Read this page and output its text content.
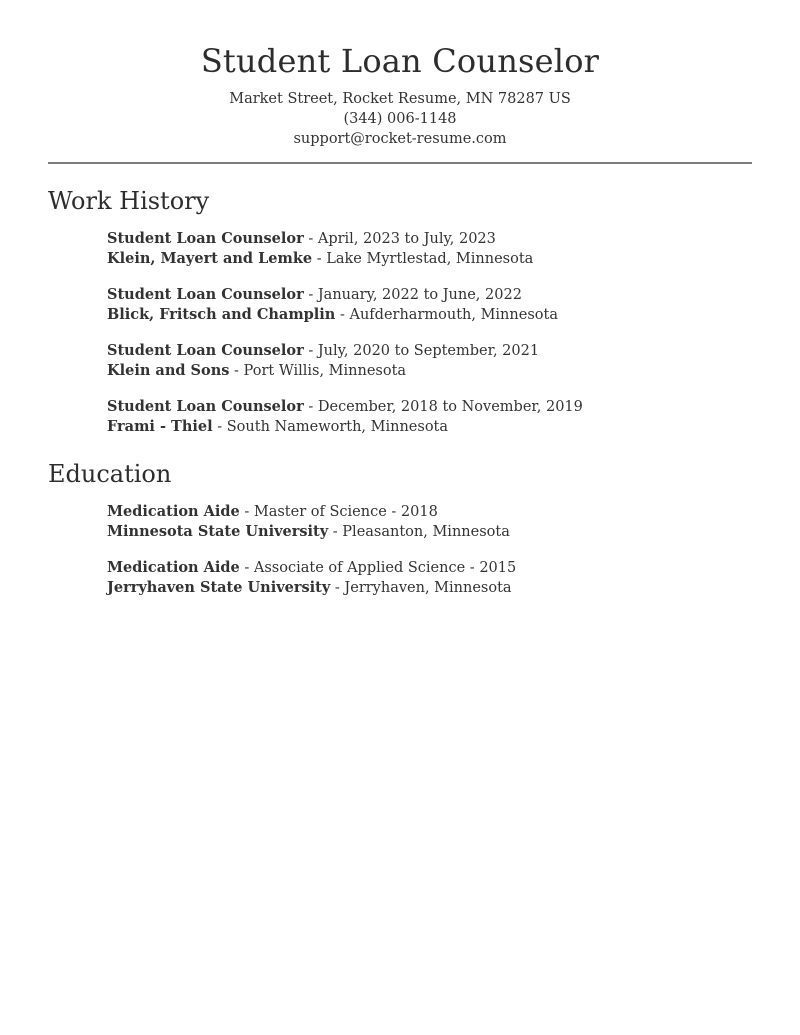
Student Loan Counselor
Market Street, Rocket Resume, MN 78287 US
(344) 006-1148
support@rocket-resume.com
Work History

Student Loan Counselor - April, 2023 to July, 2023

Klein, Mayert and Lemke - Lake Myrtlestad, Minnesota

Student Loan Counselor - January, 2022 to June, 2022

Blick, Fritsch and Champlin - Aufderharmouth, Minnesota

Student Loan Counselor - July, 2020 to September, 2021

Klein and Sons - Port Willis, Minnesota

Student Loan Counselor - December, 2018 to November, 2019

Frami - Thiel - South Nameworth, Minnesota

Education

Medication Aide - Master of Science - 2018

Minnesota State University - Pleasanton, Minnesota

Medication Aide - Associate of Applied Science - 2015

Jerryhaven State University - Jerryhaven, Minnesota
